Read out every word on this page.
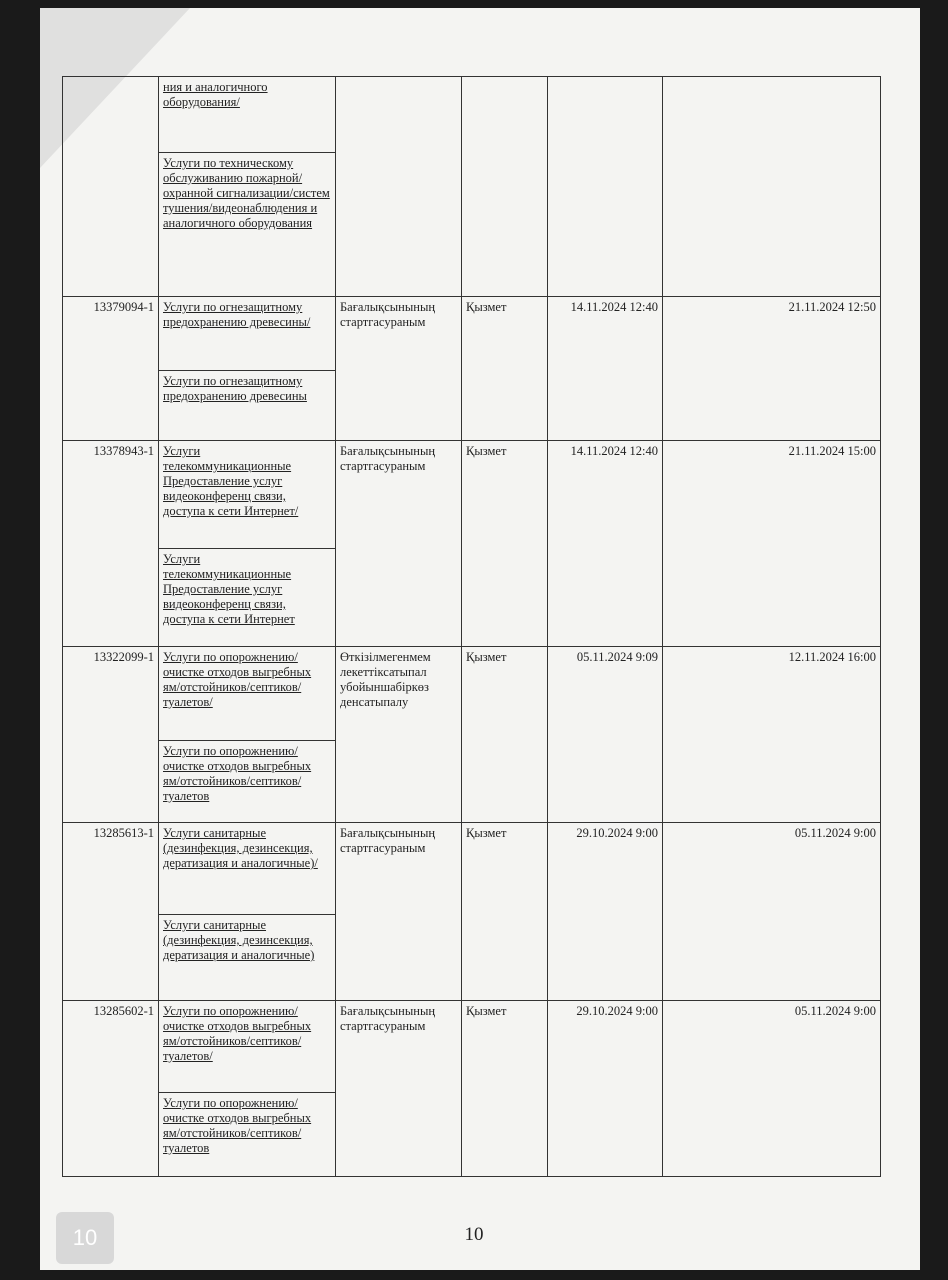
	ния и аналогичного оборудования/				
	Услуги по техническому обслуживанию пожарной/охранной сигнализации/систем тушения/видеонаблюдения и аналогичного оборудования				
13379094-1	Услуги по огнезащитному предохранению древесины/	Бағалықсынының стартгасураным	Қызмет	14.11.2024 12:40	21.11.2024 12:50
	Услуги по огнезащитному предохранению древесины				
13378943-1	Услуги телекоммуникационные Предоставление услуг видеоконференц связи, доступа к сети Интернет/	Бағалықсынының стартгасураным	Қызмет	14.11.2024 12:40	21.11.2024 15:00
	Услуги телекоммуникационные Предоставление услуг видеоконференц связи, доступа к сети Интернет				
13322099-1	Услуги по опорожнению/очистке отходов выгребных ям/отстойников/септиков/туалетов/	Өткізілмегенмем лекеттіксатыпал убойыншабіркөз денсатыпалу	Қызмет	05.11.2024 9:09	12.11.2024 16:00
	Услуги по опорожнению/очистке отходов выгребных ям/отстойников/септиков/туалетов				
13285613-1	Услуги санитарные (дезинфекция, дезинсекция, дератизация и аналогичные)/	Бағалықсынының стартгасураным	Қызмет	29.10.2024 9:00	05.11.2024 9:00
	Услуги санитарные (дезинфекция, дезинсекция, дератизация и аналогичные)				
13285602-1	Услуги по опорожнению/очистке отходов выгребных ям/отстойников/септиков/туалетов/	Бағалықсынының стартгасураным	Қызмет	29.10.2024 9:00	05.11.2024 9:00
	Услуги по опорожнению/очистке отходов выгребных ям/отстойников/септиков/туалетов				
10	10
